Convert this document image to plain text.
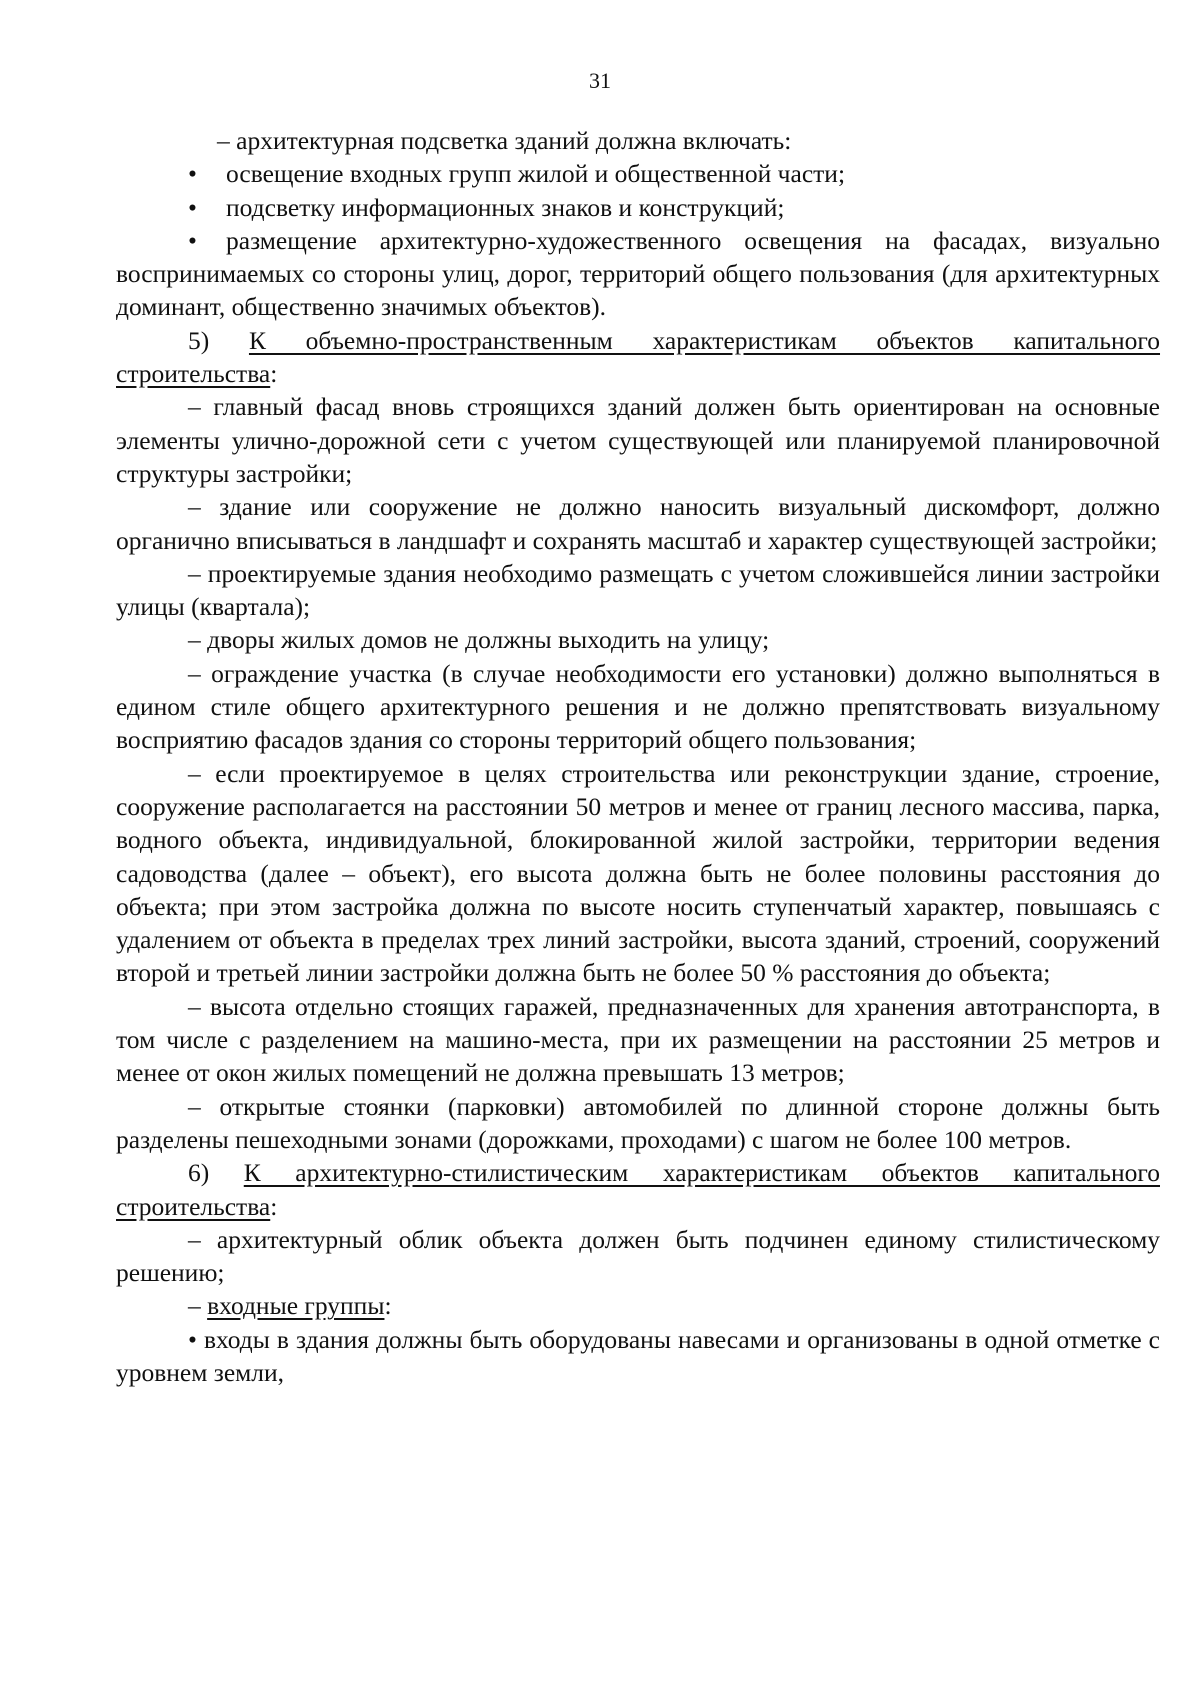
31

– архитектурная подсветка зданий должна включать:

• освещение входных групп жилой и общественной части;

• подсветку информационных знаков и конструкций;

• размещение архитектурно-художественного освещения на фасадах, визуально воспринимаемых со стороны улиц, дорог, территорий общего пользования (для архитектурных доминант, общественно значимых объектов).

5) К объемно-пространственным характеристикам объектов капитального строительства:

– главный фасад вновь строящихся зданий должен быть ориентирован на основные элементы улично-дорожной сети с учетом существующей или планируемой планировочной структуры застройки;

– здание или сооружение не должно наносить визуальный дискомфорт, должно органично вписываться в ландшафт и сохранять масштаб и характер существующей застройки;

– проектируемые здания необходимо размещать с учетом сложившейся линии застройки улицы (квартала);

– дворы жилых домов не должны выходить на улицу;

– ограждение участка (в случае необходимости его установки) должно выполняться в едином стиле общего архитектурного решения и не должно препятствовать визуальному восприятию фасадов здания со стороны территорий общего пользования;

– если проектируемое в целях строительства или реконструкции здание, строение, сооружение располагается на расстоянии 50 метров и менее от границ лесного массива, парка, водного объекта, индивидуальной, блокированной жилой застройки, территории ведения садоводства (далее – объект), его высота должна быть не более половины расстояния до объекта; при этом застройка должна по высоте носить ступенчатый характер, повышаясь с удалением от объекта в пределах трех линий застройки, высота зданий, строений, сооружений второй и третьей линии застройки должна быть не более 50 % расстояния до объекта;

– высота отдельно стоящих гаражей, предназначенных для хранения автотранспорта, в том числе с разделением на машино-места, при их размещении на расстоянии 25 метров и менее от окон жилых помещений не должна превышать 13 метров;

– открытые стоянки (парковки) автомобилей по длинной стороне должны быть разделены пешеходными зонами (дорожками, проходами) с шагом не более 100 метров.

6) К архитектурно-стилистическим характеристикам объектов капитального строительства:

– архитектурный облик объекта должен быть подчинен единому стилистическому решению;

– входные группы:

• входы в здания должны быть оборудованы навесами и организованы в одной отметке с уровнем земли,
